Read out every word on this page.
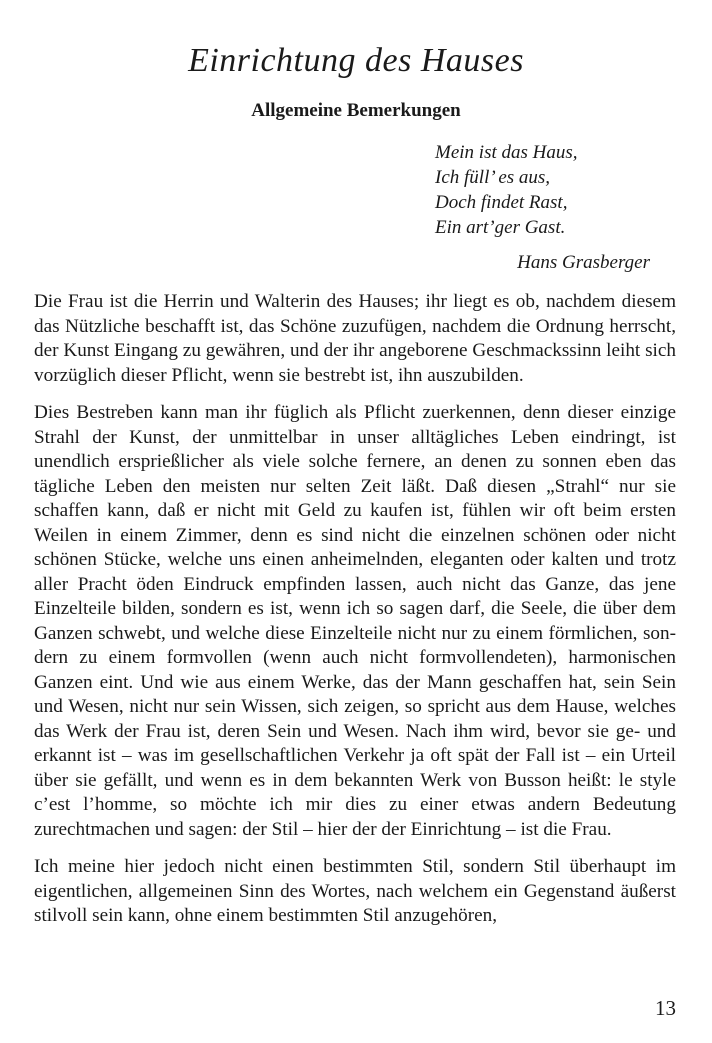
Einrichtung des Hauses
Allgemeine Bemerkungen
Mein ist das Haus,
Ich füll’ es aus,
Doch findet Rast,
Ein art’ger Gast.
Hans Grasberger

Die Frau ist die Herrin und Walterin des Hauses; ihr liegt es ob, nachdem diesem das Nützliche beschafft ist, das Schöne zuzufügen, nachdem die Ordnung herrscht, der Kunst Eingang zu gewähren, und der ihr angeborene Geschmackssinn leiht sich vorzüglich dieser Pflicht, wenn sie bestrebt ist, ihn auszubilden.

Dies Bestreben kann man ihr füglich als Pflicht zuerkennen, denn dieser einzige Strahl der Kunst, der unmittelbar in unser alltägliches Leben eindringt, ist unendlich ersprießlicher als viele solche fernere, an denen zu sonnen eben das tägliche Leben den meisten nur selten Zeit läßt. Daß diesen „Strahl“ nur sie schaffen kann, daß er nicht mit Geld zu kaufen ist, fühlen wir oft beim ersten Weilen in einem Zimmer, denn es sind nicht die einzelnen schönen oder nicht schönen Stücke, welche uns einen anheimelnden, eleganten oder kalten und trotz aller Pracht öden Eindruck empfinden lassen, auch nicht das Ganze, das jene Einzelteile bilden, sondern es ist, wenn ich so sagen darf, die Seele, die über dem Ganzen schwebt, und welche diese Einzelteile nicht nur zu einem förmlichen, sondern zu einem formvollen (wenn auch nicht formvollendeten), harmonischen Ganzen eint. Und wie aus einem Werke, das der Mann geschaffen hat, sein Sein und Wesen, nicht nur sein Wissen, sich zeigen, so spricht aus dem Hause, welches das Werk der Frau ist, deren Sein und Wesen. Nach ihm wird, bevor sie ge- und erkannt ist – was im gesellschaftlichen Verkehr ja oft spät der Fall ist – ein Urteil über sie gefällt, und wenn es in dem bekannten Werk von Busson heißt: le style c’est l’homme, so möchte ich mir dies zu einer etwas andern Bedeutung zurechtmachen und sagen: der Stil – hier der der Einrichtung – ist die Frau.

Ich meine hier jedoch nicht einen bestimmten Stil, sondern Stil überhaupt im eigentlichen, allgemeinen Sinn des Wortes, nach welchem ein Gegenstand äußerst stilvoll sein kann, ohne einem bestimmten Stil anzugehören,

13
